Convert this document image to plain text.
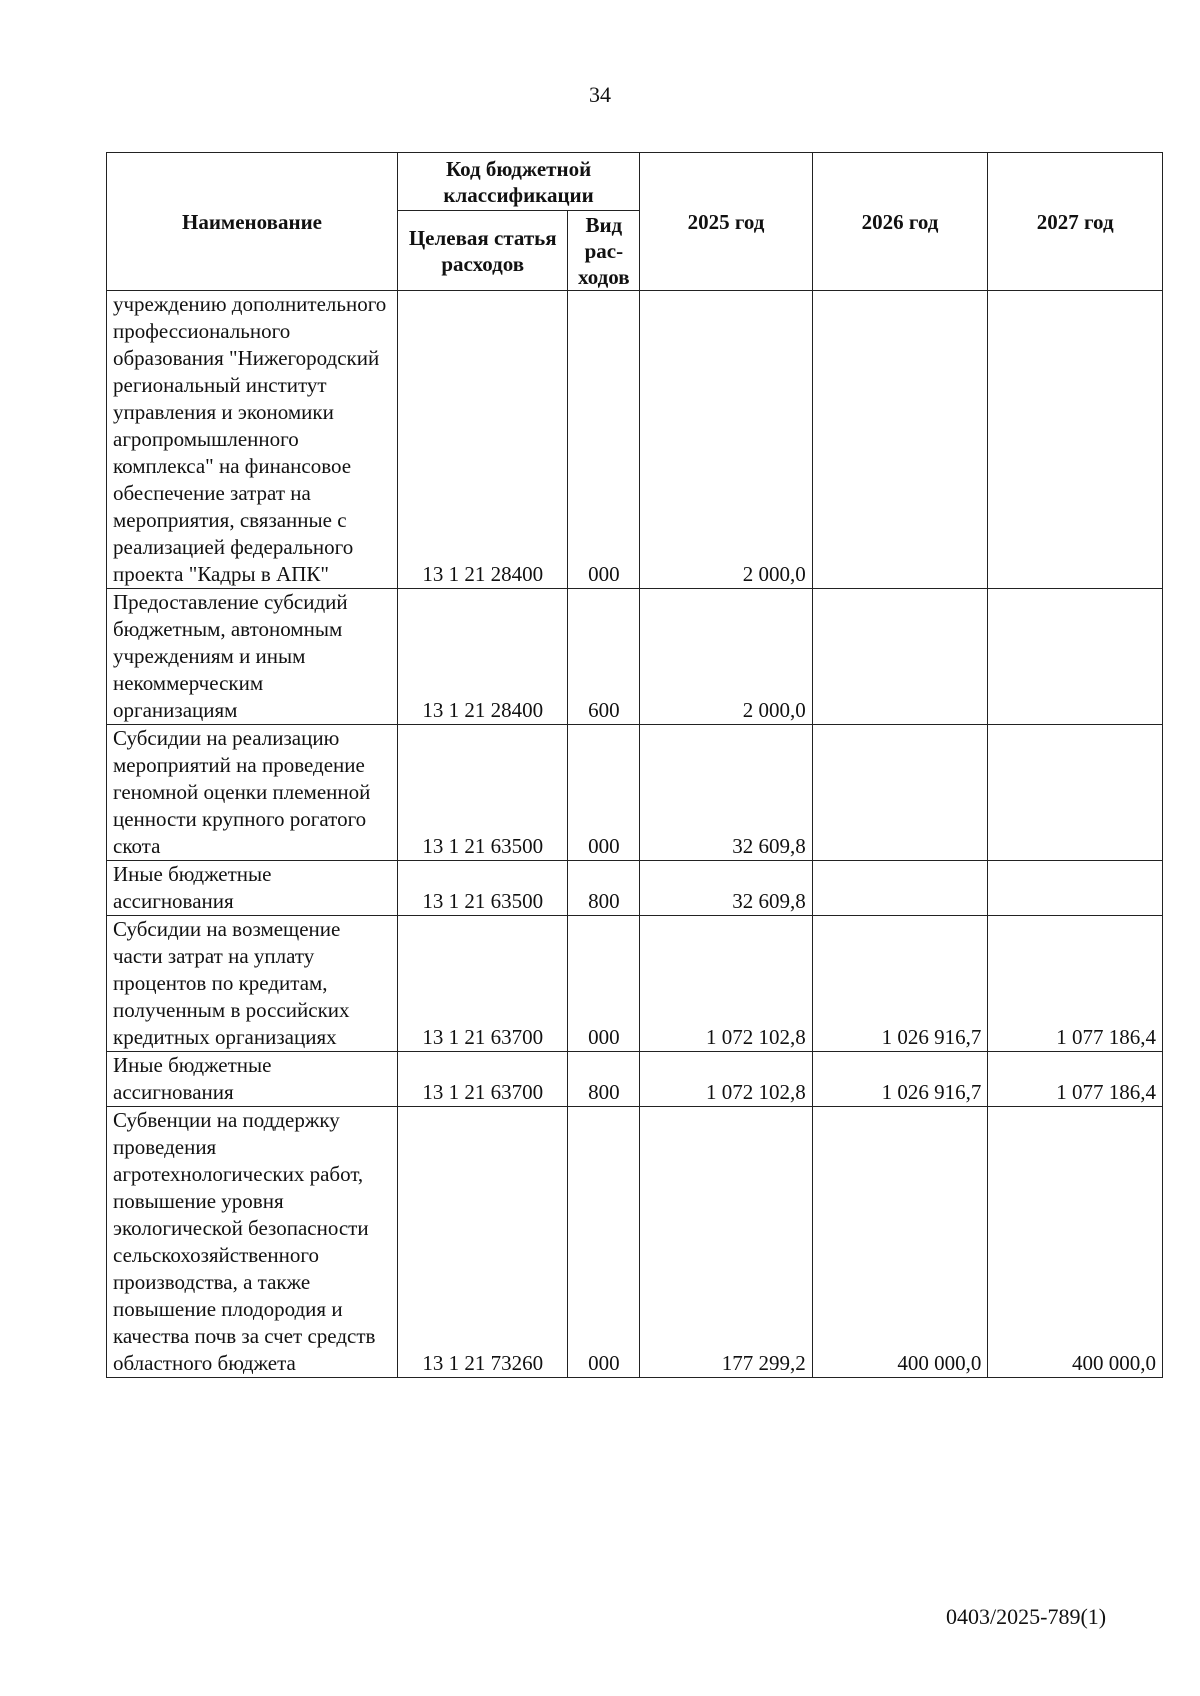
34
Наименование	Код бюджетной классификации		2025 год	2026 год	2027 год
	Целевая статья расходов	Вид рас-ходов			
учреждению дополнительного профессионального образования "Нижегородский региональный институт управления и экономики агропромышленного комплекса" на финансовое обеспечение затрат на мероприятия, связанные с реализацией федерального проекта "Кадры в АПК"	13 1 21 28400	000	2 000,0		
Предоставление субсидий бюджетным, автономным учреждениям и иным некоммерческим организациям	13 1 21 28400	600	2 000,0		
Субсидии на реализацию мероприятий на проведение геномной оценки племенной ценности крупного рогатого скота	13 1 21 63500	000	32 609,8		
Иные бюджетные ассигнования	13 1 21 63500	800	32 609,8		
Субсидии на возмещение части затрат на уплату процентов по кредитам, полученным в российских кредитных организациях	13 1 21 63700	000	1 072 102,8	1 026 916,7	1 077 186,4
Иные бюджетные ассигнования	13 1 21 63700	800	1 072 102,8	1 026 916,7	1 077 186,4
Субвенции на поддержку проведения агротехнологических работ, повышение уровня экологической безопасности сельскохозяйственного производства, а также повышение плодородия и качества почв за счет средств областного бюджета	13 1 21 73260	000	177 299,2	400 000,0	400 000,0
0403/2025-789(1)
